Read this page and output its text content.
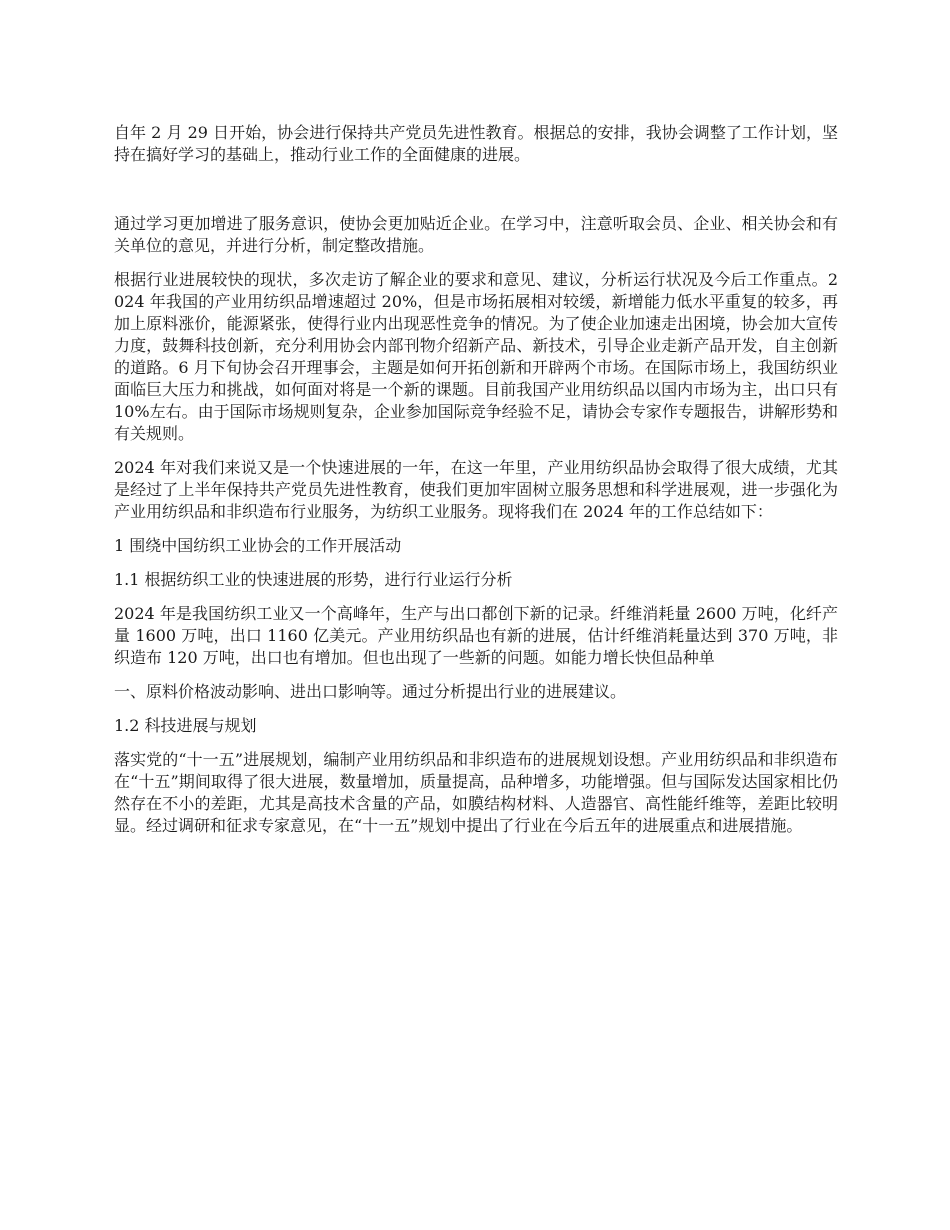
自年 2 月 29 日开始，协会进行保持共产党员先进性教育。根据总的安排，我协会调整了工作计划，坚持在搞好学习的基础上，推动行业工作的全面健康的进展。

通过学习更加增进了服务意识，使协会更加贴近企业。在学习中，注意听取会员、企业、相关协会和有关单位的意见，并进行分析，制定整改措施。

根据行业进展较快的现状，多次走访了解企业的要求和意见、建议，分析运行状况及今后工作重点。2024 年我国的产业用纺织品增速超过 20%，但是市场拓展相对较缓，新增能力低水平重复的较多，再加上原料涨价，能源紧张，使得行业内出现恶性竞争的情况。为了使企业加速走出困境，协会加大宣传力度，鼓舞科技创新，充分利用协会内部刊物介绍新产品、新技术，引导企业走新产品开发，自主创新的道路。6 月下旬协会召开理事会，主题是如何开拓创新和开辟两个市场。在国际市场上，我国纺织业面临巨大压力和挑战，如何面对将是一个新的课题。目前我国产业用纺织品以国内市场为主，出口只有 10%左右。由于国际市场规则复杂，企业参加国际竞争经验不足，请协会专家作专题报告，讲解形势和有关规则。

2024 年对我们来说又是一个快速进展的一年，在这一年里，产业用纺织品协会取得了很大成绩，尤其是经过了上半年保持共产党员先进性教育，使我们更加牢固树立服务思想和科学进展观，进一步强化为产业用纺织品和非织造布行业服务，为纺织工业服务。现将我们在 2024 年的工作总结如下：

1 围绕中国纺织工业协会的工作开展活动

1.1 根据纺织工业的快速进展的形势，进行行业运行分析

2024 年是我国纺织工业又一个高峰年，生产与出口都创下新的记录。纤维消耗量 2600 万吨，化纤产量 1600 万吨，出口 1160 亿美元。产业用纺织品也有新的进展，估计纤维消耗量达到 370 万吨，非织造布 120 万吨，出口也有增加。但也出现了一些新的问题。如能力增长快但品种单

一、原料价格波动影响、进出口影响等。通过分析提出行业的进展建议。

1.2 科技进展与规划

落实党的“十一五”进展规划，编制产业用纺织品和非织造布的进展规划设想。产业用纺织品和非织造布在“十五”期间取得了很大进展，数量增加，质量提高，品种增多，功能增强。但与国际发达国家相比仍然存在不小的差距，尤其是高技术含量的产品，如膜结构材料、人造器官、高性能纤维等，差距比较明显。经过调研和征求专家意见，在“十一五”规划中提出了行业在今后五年的进展重点和进展措施。
